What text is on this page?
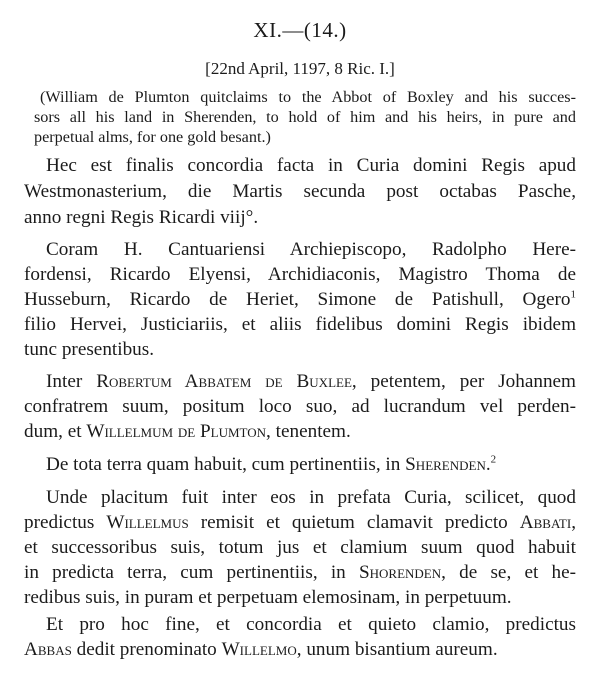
XI.—(14.)
[22nd April, 1197, 8 Ric. I.]
(William de Plumton quitclaims to the Abbot of Boxley and his succes-
sors all his land in Sherenden, to hold of him and his heirs, in pure and
perpetual alms, for one gold besant.)
Hec est finalis concordia facta in Curia domini Regis apud
Westmonasterium, die Martis secunda post octabas Pasche,
anno regni Regis Ricardi viij°.
Coram H. Cantuariensi Archiepiscopo, Radolpho Here-
fordensi, Ricardo Elyensi, Archidiaconis, Magistro Thoma de
Husseburn, Ricardo de Heriet, Simone de Patishull, Ogero$^1$
filio Hervei, Justiciariis, et aliis fidelibus domini Regis ibidem
tunc presentibus.
Inter Robertum Abbatem de Buxlee, petentem, per Johannem
confratrem suum, positum loco suo, ad lucrandum vel perden-
dum, et Willelmum de Plumton, tenentem.
De tota terra quam habuit, cum pertinentiis, in Sherenden.$^2$
Unde placitum fuit inter eos in prefata Curia, scilicet, quod
predictus Willelmus remisit et quietum clamavit predicto Abbati,
et successoribus suis, totum jus et clamium suum quod habuit
in predicta terra, cum pertinentiis, in Shorenden, de se, et he-
redibus suis, in puram et perpetuam elemosinam, in perpetuum.
Et pro hoc fine, et concordia et quieto clamio, predictus
Abbas dedit prenominato Willelmo, unum bisantium aureum.
